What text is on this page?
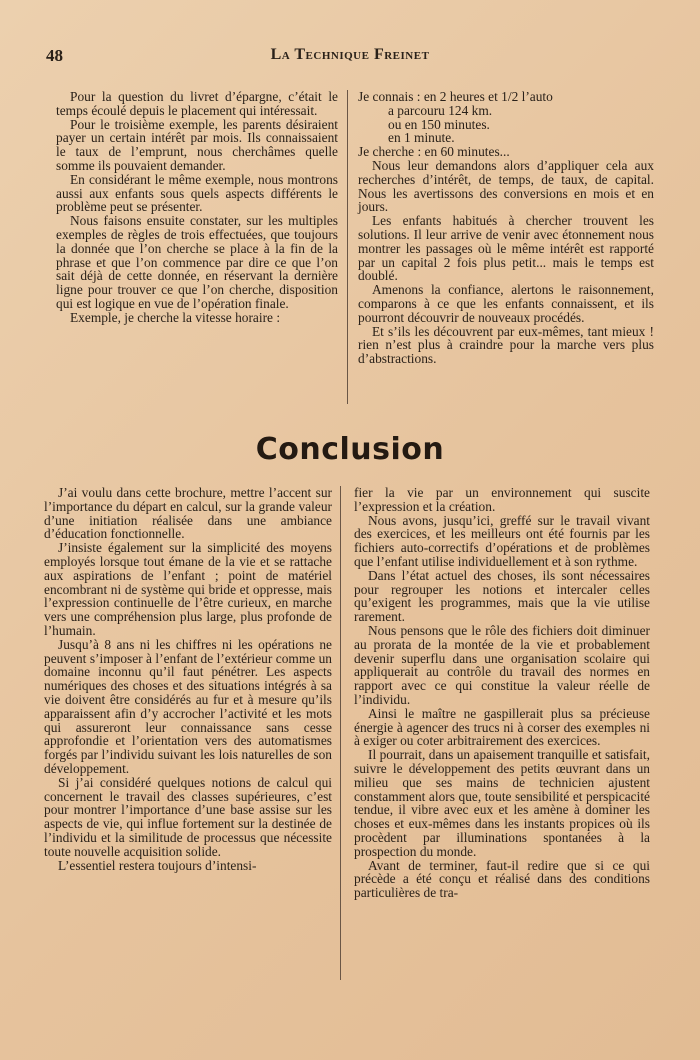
48	La Technique Freinet

Pour la question du livret d’épargne, c’était le temps écoulé depuis le placement qui intéressait.

Pour le troisième exemple, les parents désiraient payer un certain intérêt par mois. Ils connaissaient le taux de l’emprunt, nous cherchâmes quelle somme ils pouvaient demander.

En considérant le même exemple, nous montrons aussi aux enfants sous quels aspects différents le problème peut se présenter.

Nous faisons ensuite constater, sur les multiples exemples de règles de trois effectuées, que toujours la donnée que l’on cherche se place à la fin de la phrase et que l’on commence par dire ce que l’on sait déjà de cette donnée, en réservant la dernière ligne pour trouver ce que l’on cherche, disposition qui est logique en vue de l’opération finale.

Exemple, je cherche la vitesse horaire :

Je connais : en 2 heures et 1/2 l’auto

a parcouru 124 km.

ou en 150 minutes.

en 1 minute.

Je cherche : en 60 minutes...

Nous leur demandons alors d’appliquer cela aux recherches d’intérêt, de temps, de taux, de capital. Nous les avertissons des conversions en mois et en jours.

Les enfants habitués à chercher trouvent les solutions. Il leur arrive de venir avec étonnement nous montrer les passages où le même intérêt est rapporté par un capital 2 fois plus petit... mais le temps est doublé.

Amenons la confiance, alertons le raisonnement, comparons à ce que les enfants connaissent, et ils pourront découvrir de nouveaux procédés.

Et s’ils les découvrent par eux-mêmes, tant mieux ! rien n’est plus à craindre pour la marche vers plus d’abstractions.

Conclusion

J’ai voulu dans cette brochure, mettre l’accent sur l’importance du départ en calcul, sur la grande valeur d’une initiation réalisée dans une ambiance d’éducation fonctionnelle.

J’insiste également sur la simplicité des moyens employés lorsque tout émane de la vie et se rattache aux aspirations de l’enfant ; point de matériel encombrant ni de système qui bride et oppresse, mais l’expression continuelle de l’être curieux, en marche vers une compréhension plus large, plus profonde de l’humain.

Jusqu’à 8 ans ni les chiffres ni les opérations ne peuvent s’imposer à l’enfant de l’extérieur comme un domaine inconnu qu’il faut pénétrer. Les aspects numériques des choses et des situations intégrés à sa vie doivent être considérés au fur et à mesure qu’ils apparaissent afin d’y accrocher l’activité et les mots qui assureront leur connaissance sans cesse approfondie et l’orientation vers des automatismes forgés par l’individu suivant les lois naturelles de son développement.

Si j’ai considéré quelques notions de calcul qui concernent le travail des classes supérieures, c’est pour montrer l’importance d’une base assise sur les aspects de vie, qui influe fortement sur la destinée de l’individu et la similitude de processus que nécessite toute nouvelle acquisition solide.

L’essentiel restera toujours d’intensi-

fier la vie par un environnement qui suscite l’expression et la création.

Nous avons, jusqu’ici, greffé sur le travail vivant des exercices, et les meilleurs ont été fournis par les fichiers auto-correctifs d’opérations et de problèmes que l’enfant utilise individuellement et à son rythme.

Dans l’état actuel des choses, ils sont nécessaires pour regrouper les notions et intercaler celles qu’exigent les programmes, mais que la vie utilise rarement.

Nous pensons que le rôle des fichiers doit diminuer au prorata de la montée de la vie et probablement devenir superflu dans une organisation scolaire qui appliquerait au contrôle du travail des normes en rapport avec ce qui constitue la valeur réelle de l’individu.

Ainsi le maître ne gaspillerait plus sa précieuse énergie à agencer des trucs ni à corser des exemples ni à exiger ou coter arbitrairement des exercices.

Il pourrait, dans un apaisement tranquille et satisfait, suivre le développement des petits œuvrant dans un milieu que ses mains de technicien ajustent constamment alors que, toute sensibilité et perspicacité tendue, il vibre avec eux et les amène à dominer les choses et eux-mêmes dans les instants propices où ils procèdent par illuminations spontanées à la prospection du monde.

Avant de terminer, faut-il redire que si ce qui précède a été conçu et réalisé dans des conditions particulières de tra-
